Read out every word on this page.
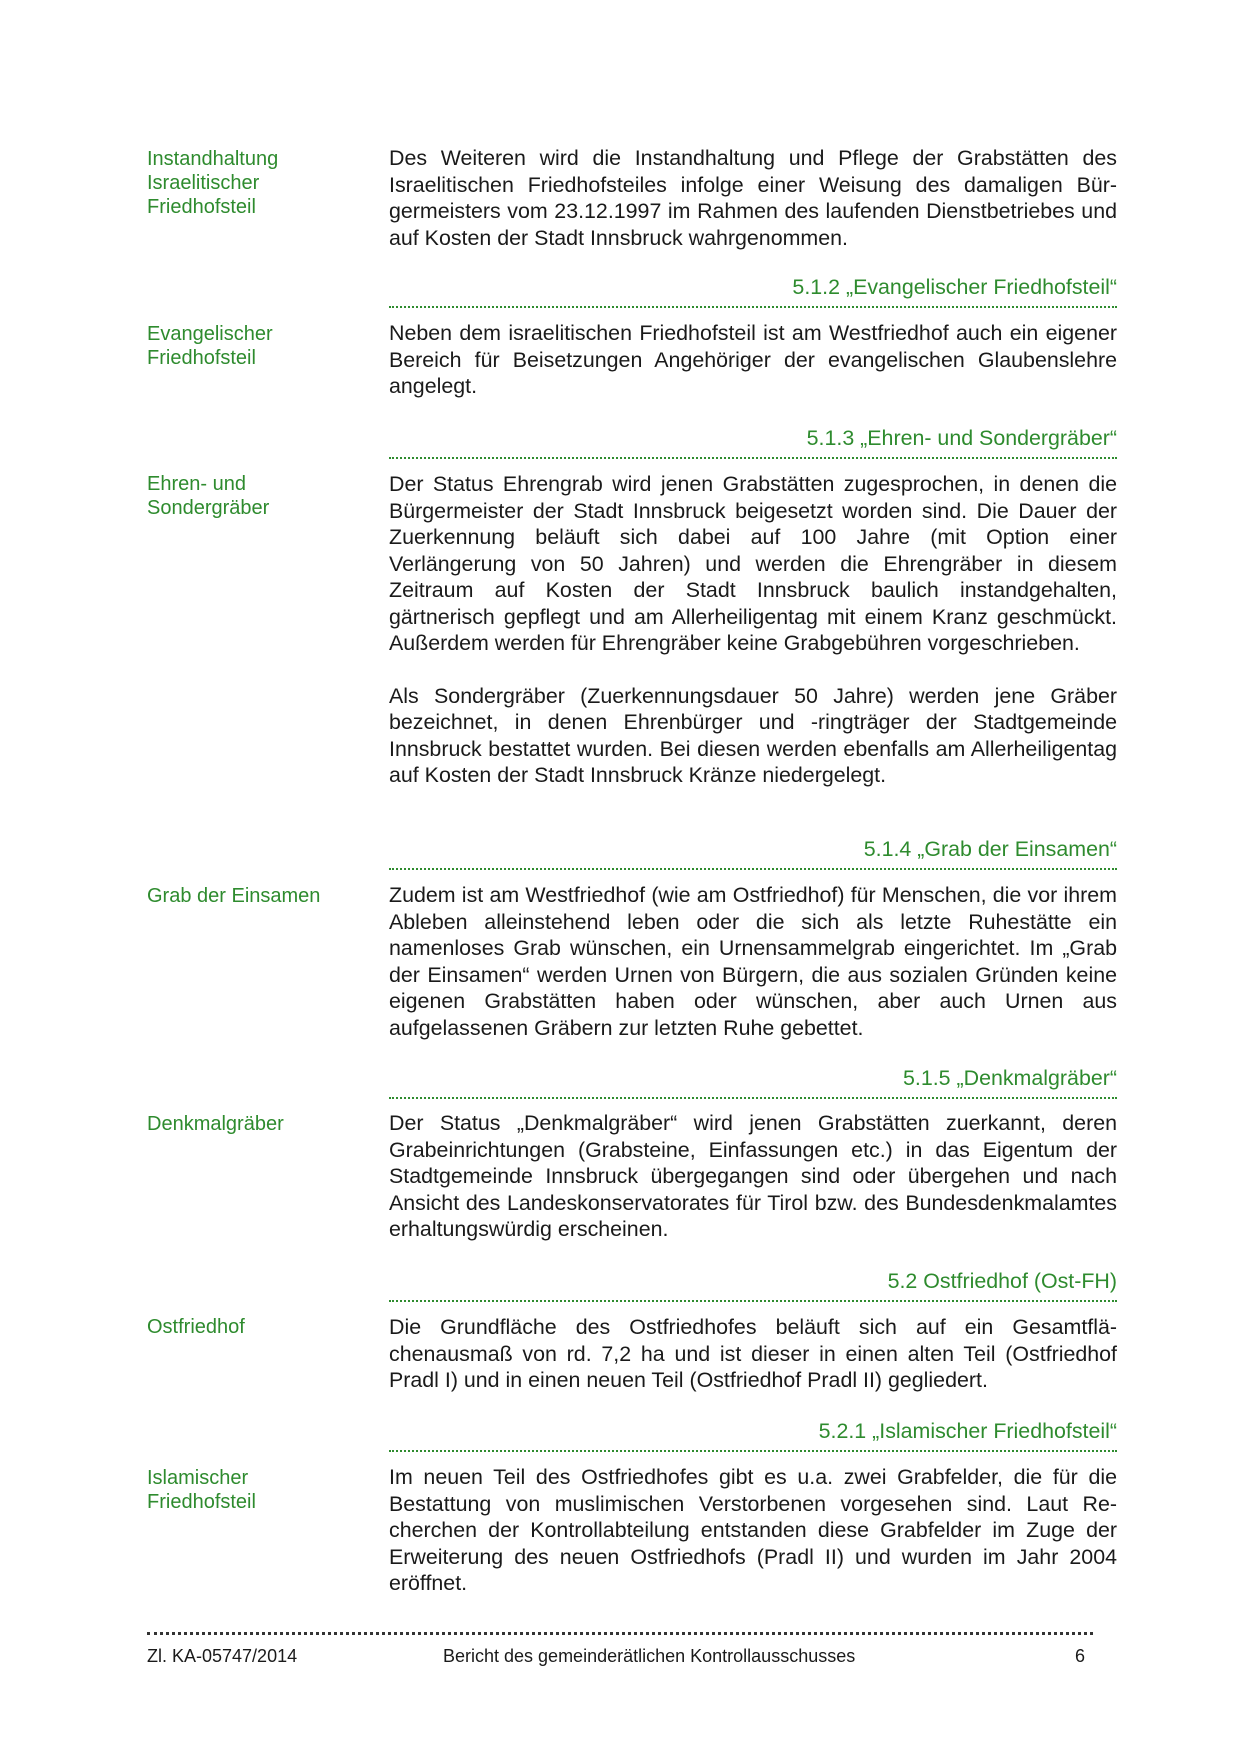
Instandhaltung
Israelitischer
Friedhofsteil

Des Weiteren wird die Instandhaltung und Pflege der Grabstätten des Israelitischen Friedhofsteiles infolge einer Weisung des damaligen Bürgermeisters vom 23.12.1997 im Rahmen des laufenden Dienstbetriebes und auf Kosten der Stadt Innsbruck wahrgenommen.

5.1.2 „Evangelischer Friedhofsteil“
Evangelischer
Friedhofsteil

Neben dem israelitischen Friedhofsteil ist am Westfriedhof auch ein eigener Bereich für Beisetzungen Angehöriger der evangelischen Glaubenslehre angelegt.

5.1.3 „Ehren- und Sondergräber“
Ehren- und
Sondergräber

Der Status Ehrengrab wird jenen Grabstätten zugesprochen, in denen die Bürgermeister der Stadt Innsbruck beigesetzt worden sind. Die Dauer der Zuerkennung beläuft sich dabei auf 100 Jahre (mit Option einer Verlängerung von 50 Jahren) und werden die Ehrengräber in diesem Zeitraum auf Kosten der Stadt Innsbruck baulich instandgehalten, gärtnerisch gepflegt und am Allerheiligentag mit einem Kranz geschmückt. Außerdem werden für Ehrengräber keine Grabgebühren vorgeschrieben.

Als Sondergräber (Zuerkennungsdauer 50 Jahre) werden jene Gräber bezeichnet, in denen Ehrenbürger und -ringträger der Stadtgemeinde Innsbruck bestattet wurden. Bei diesen werden ebenfalls am Allerheiligentag auf Kosten der Stadt Innsbruck Kränze niedergelegt.

5.1.4 „Grab der Einsamen“
Grab der Einsamen	Zudem ist am Westfriedhof (wie am Ostfriedhof) für Menschen, die vor ihrem Ableben alleinstehend leben oder die sich als letzte Ruhestätte ein namenloses Grab wünschen, ein Urnensammelgrab eingerichtet. Im „Grab der Einsamen“ werden Urnen von Bürgern, die aus sozialen Gründen keine eigenen Grabstätten haben oder wünschen, aber auch Urnen aus aufgelassenen Gräbern zur letzten Ruhe gebettet.

5.1.5 „Denkmalgräber“
Denkmalgräber	Der Status „Denkmalgräber“ wird jenen Grabstätten zuerkannt, deren Grabeinrichtungen (Grabsteine, Einfassungen etc.) in das Eigentum der Stadtgemeinde Innsbruck übergegangen sind oder übergehen und nach Ansicht des Landeskonservatorates für Tirol bzw. des Bundesdenkmalamtes erhaltungswürdig erscheinen.

5.2 Ostfriedhof (Ost-FH)
Ostfriedhof	Die Grundfläche des Ostfriedhofes beläuft sich auf ein Gesamtflächenausmaß von rd. 7,2 ha und ist dieser in einen alten Teil (Ostfriedhof Pradl I) und in einen neuen Teil (Ostfriedhof Pradl II) gegliedert.

5.2.1 „Islamischer Friedhofsteil“
Islamischer
Friedhofsteil

Im neuen Teil des Ostfriedhofes gibt es u.a. zwei Grabfelder, die für die Bestattung von muslimischen Verstorbenen vorgesehen sind. Laut Recherchen der Kontrollabteilung entstanden diese Grabfelder im Zuge der Erweiterung des neuen Ostfriedhofs (Pradl II) und wurden im Jahr 2004 eröffnet.

Zl. KA-05747/2014	Bericht des gemeinderätlichen Kontrollausschusses	6
